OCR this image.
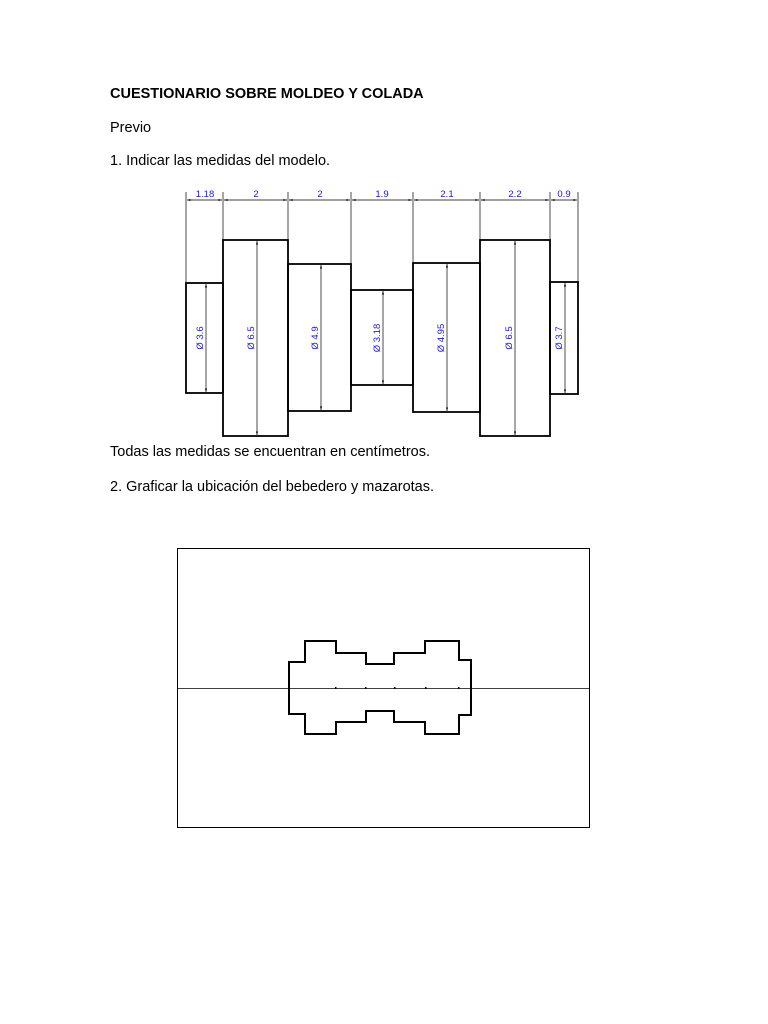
CUESTIONARIO SOBRE MOLDEO Y COLADA
Previo
1. Indicar las medidas del modelo.
Todas las medidas se encuentran en centímetros.
2. Graficar la ubicación del bebedero y mazarotas.
1.18	2	2	1.9	2.1	2.2	0.9
Ø 3.6	Ø 6.5	Ø 4.9	Ø 3.18	Ø 4.95	Ø 6.5	Ø 3.7
